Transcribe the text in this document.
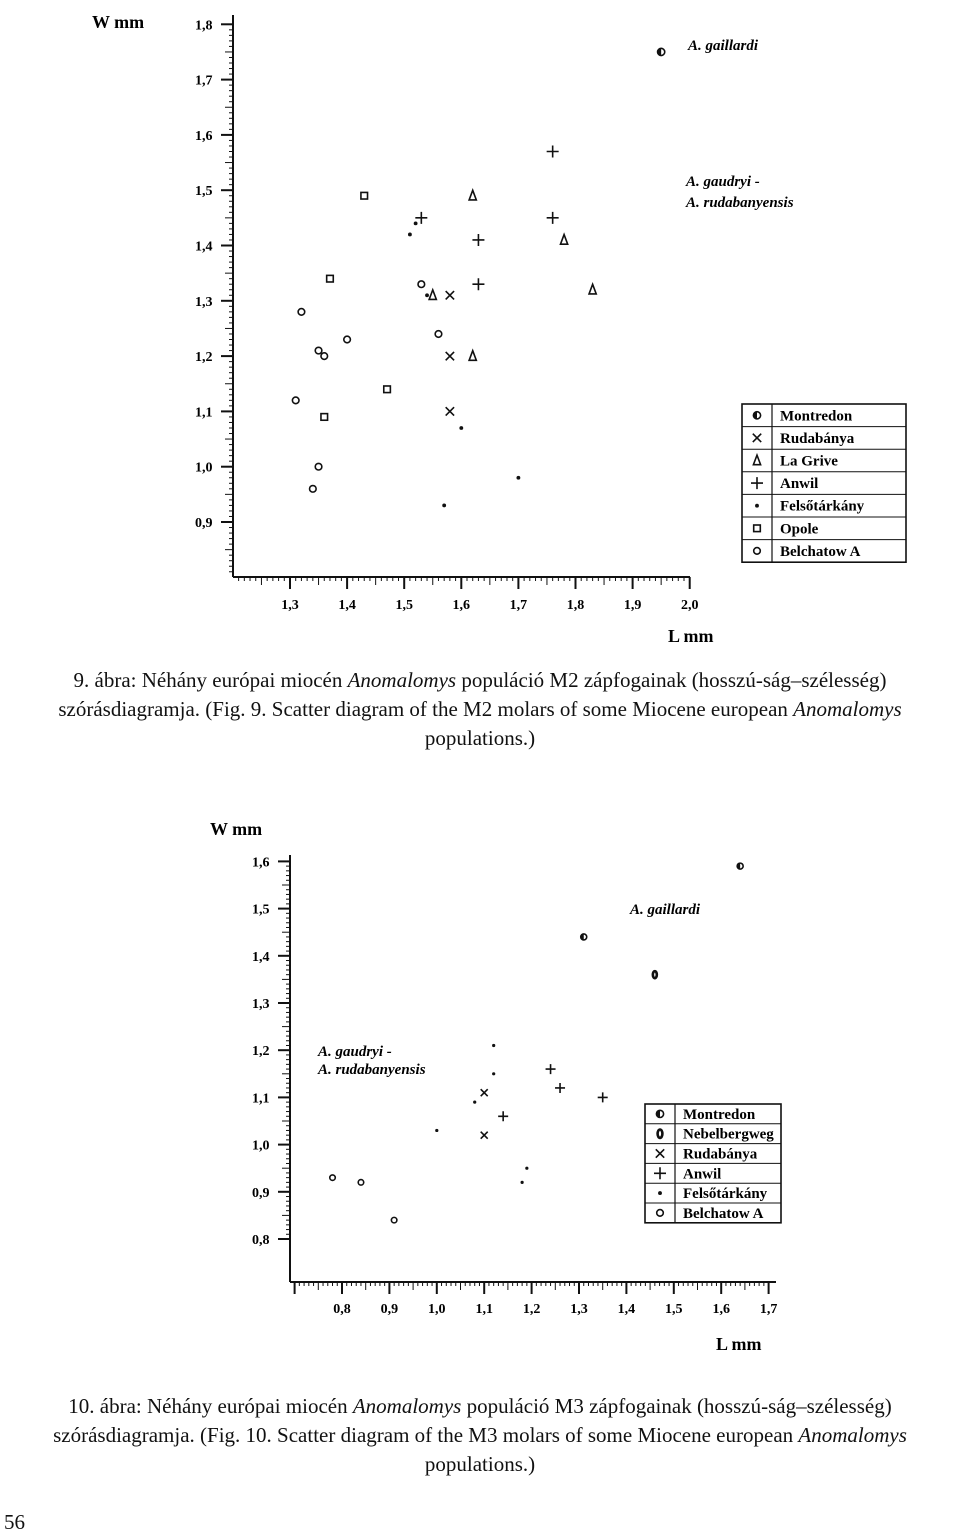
0,9
1,0
1,1
1,2
1,3
1,4
1,5
1,6
1,7
1,8
1,3	1,4	1,5	1,6	1,7	1,8	1,9	2,0
W mm
L mm
A. gaillardi
A. gaudryi -
A. rudabanyensis
Montredon
Rudabánya
La Grive
Anwil
Felsőtárkány
Opole
Belchatow A
9. ábra: Néhány európai miocén Anomalomys populáció M2 zápfogainak (hosszú-ság–szélesség) szórásdiagramja. (Fig. 9. Scatter diagram of the M2 molars of some Miocene european Anomalomys populations.)
0,8
0,9
1,0
1,1
1,2
1,3
1,4
1,5
1,6
0,8 0,9 1,0 1,1 1,2 1,3 1,4 1,5 1,6 1,7
W mm
L mm
A. gaillardi
A. gaudryi -
A. rudabanyensis
Montredon
Nebelbergweg
Rudabánya
Anwil
Felsőtárkány
Belchatow A
10. ábra: Néhány európai miocén Anomalomys populáció M3 zápfogainak (hosszú-ság–szélesség) szórásdiagramja. (Fig. 10. Scatter diagram of the M3 molars of some Miocene european Anomalomys populations.)
56
